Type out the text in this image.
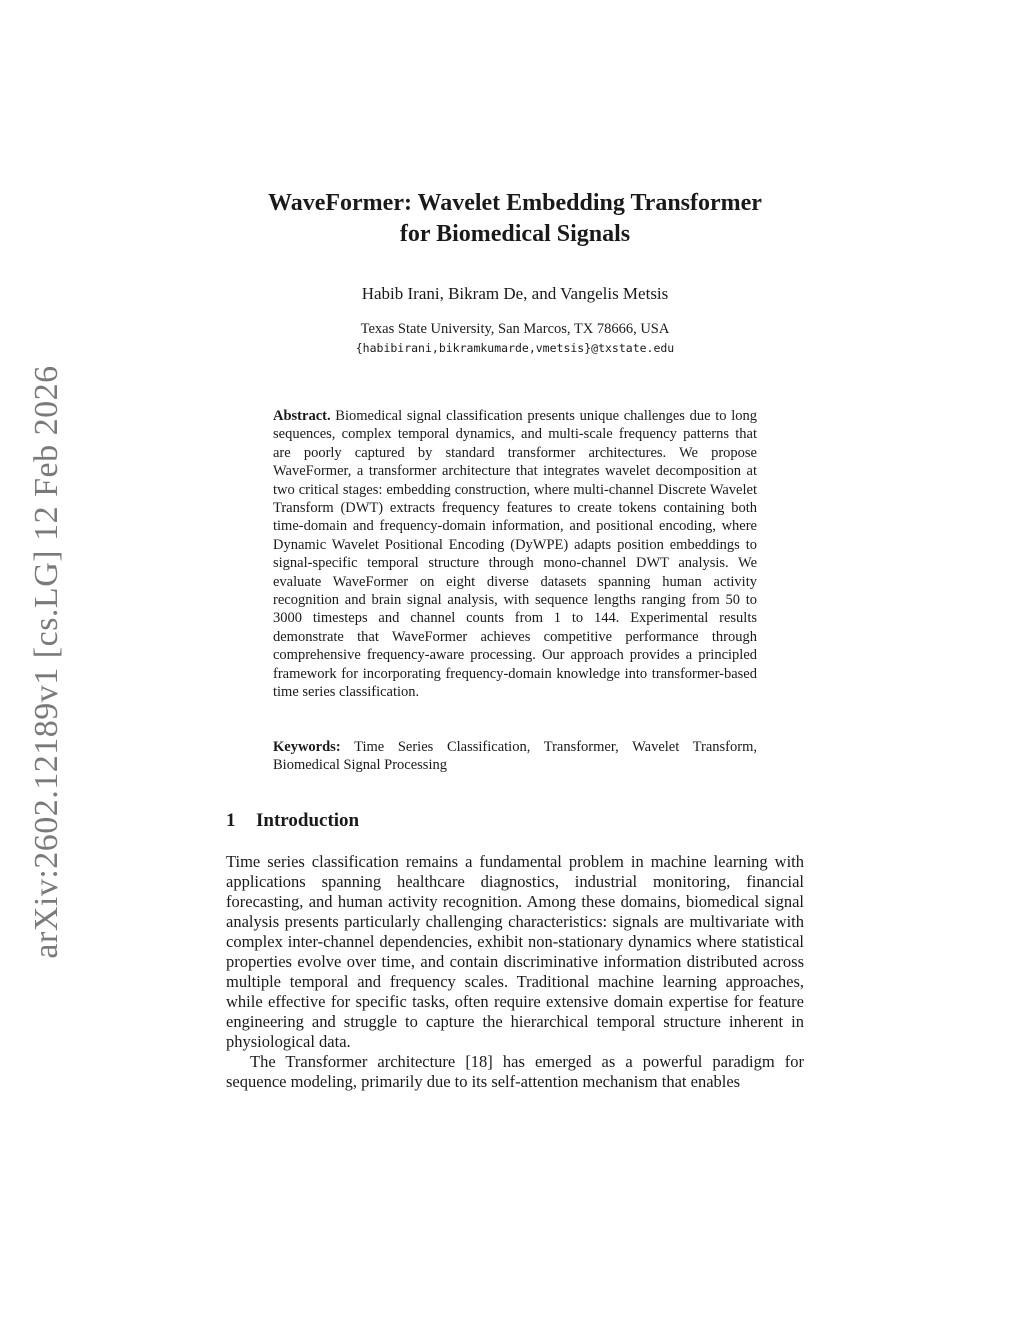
arXiv:2602.12189v1 [cs.LG] 12 Feb 2026
WaveFormer: Wavelet Embedding Transformer
for Biomedical Signals
Habib Irani, Bikram De, and Vangelis Metsis
Texas State University, San Marcos, TX 78666, USA
{habibirani,bikramkumarde,vmetsis}@txstate.edu
Abstract. Biomedical signal classification presents unique challenges due to long sequences, complex temporal dynamics, and multi-scale frequency patterns that are poorly captured by standard transformer architectures. We propose WaveFormer, a transformer architecture that integrates wavelet decomposition at two critical stages: embedding construction, where multi-channel Discrete Wavelet Transform (DWT) extracts frequency features to create tokens containing both time-domain and frequency-domain information, and positional encoding, where Dynamic Wavelet Positional Encoding (DyWPE) adapts position embeddings to signal-specific temporal structure through mono-channel DWT analysis. We evaluate WaveFormer on eight diverse datasets spanning human activity recognition and brain signal analysis, with sequence lengths ranging from 50 to 3000 timesteps and channel counts from 1 to 144. Experimental results demonstrate that WaveFormer achieves competitive performance through comprehensive frequency-aware processing. Our approach provides a principled framework for incorporating frequency-domain knowledge into transformer-based time series classification.
Keywords: Time Series Classification, Transformer, Wavelet Transform, Biomedical Signal Processing
1 Introduction

Time series classification remains a fundamental problem in machine learning with applications spanning healthcare diagnostics, industrial monitoring, financial forecasting, and human activity recognition. Among these domains, biomedical signal analysis presents particularly challenging characteristics: signals are multivariate with complex inter-channel dependencies, exhibit non-stationary dynamics where statistical properties evolve over time, and contain discriminative information distributed across multiple temporal and frequency scales. Traditional machine learning approaches, while effective for specific tasks, often require extensive domain expertise for feature engineering and struggle to capture the hierarchical temporal structure inherent in physiological data.

The Transformer architecture [18] has emerged as a powerful paradigm for sequence modeling, primarily due to its self-attention mechanism that enables
